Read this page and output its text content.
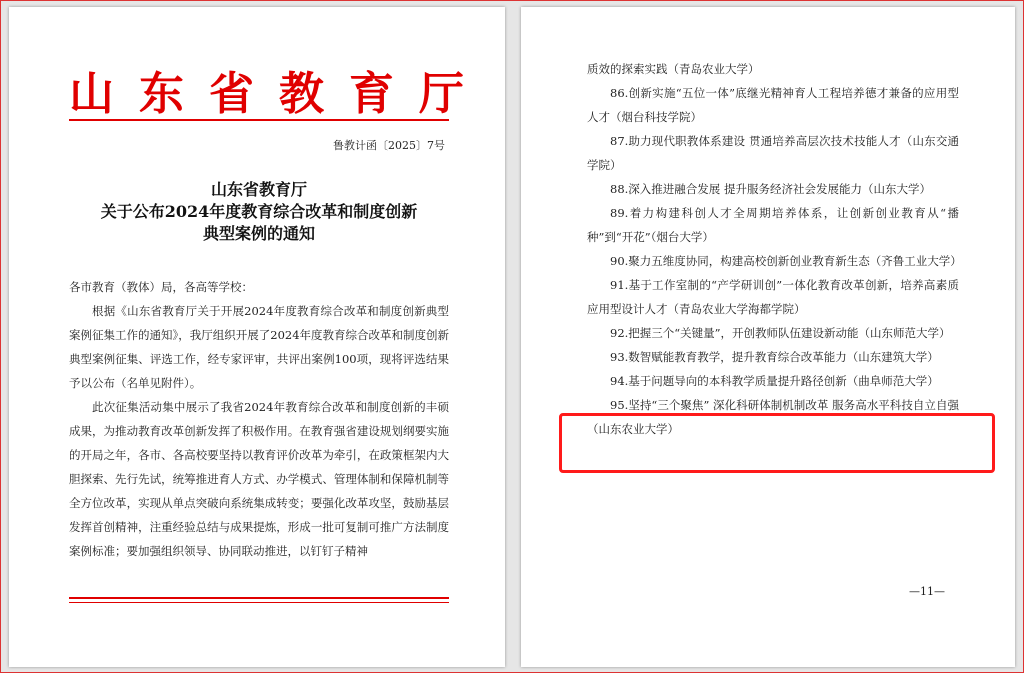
山东省教育厅
鲁教计函〔2025〕7号
山东省教育厅
关于公布2024年度教育综合改革和制度创新
典型案例的通知

各市教育（教体）局，各高等学校：

根据《山东省教育厅关于开展2024年度教育综合改革和制度创新典型案例征集工作的通知》，我厅组织开展了2024年度教育综合改革和制度创新典型案例征集、评选工作，经专家评审，共评出案例100项，现将评选结果予以公布（名单见附件）。

此次征集活动集中展示了我省2024年教育综合改革和制度创新的丰硕成果，为推动教育改革创新发挥了积极作用。在教育强省建设规划纲要实施的开局之年，各市、各高校要坚持以教育评价改革为牵引，在政策框架内大胆探索、先行先试，统筹推进育人方式、办学模式、管理体制和保障机制等全方位改革，实现从单点突破向系统集成转变；要强化改革攻坚，鼓励基层发挥首创精神，注重经验总结与成果提炼，形成一批可复制可推广方法制度案例标准；要加强组织领导、协同联动推进，以钉钉子精神

质效的探索实践（青岛农业大学）

86.创新实施“五位一体”底继光精神育人工程培养德才兼备的应用型人才（烟台科技学院）

87.助力现代职教体系建设 贯通培养高层次技术技能人才（山东交通学院）

88.深入推进融合发展 提升服务经济社会发展能力（山东大学）

89.着力构建科创人才全周期培养体系，让创新创业教育从“播种”到“开花”（烟台大学）

90.聚力五维度协同，构建高校创新创业教育新生态（齐鲁工业大学）

91.基于工作室制的“产学研训创”一体化教育改革创新，培养高素质应用型设计人才（青岛农业大学海都学院）

92.把握三个“关键量”，开创教师队伍建设新动能（山东师范大学）

93.数智赋能教育教学，提升教育综合改革能力（山东建筑大学）

94.基于问题导向的本科教学质量提升路径创新（曲阜师范大学）

95.坚持“三个聚焦” 深化科研体制机制改革 服务高水平科技自立自强（山东农业大学）

—11—
